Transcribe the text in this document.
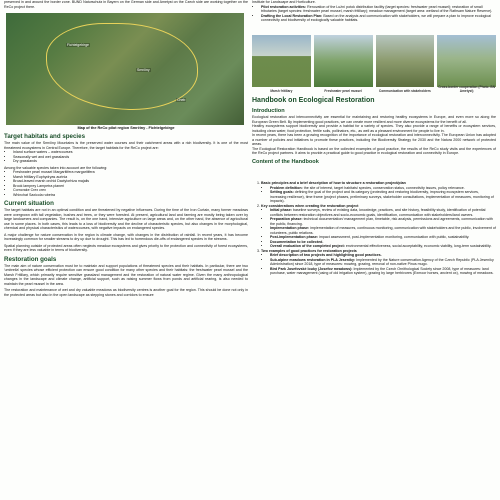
preserved in and around the border zone. BUND Naturschutz in Bayern on the German side and Ametyst on the Czech side are working together on the ReCo project there.

Fichtelgebirge
Smrčiny
Cheb

Map of the ReCo pilot region Smrčiny - Fichtelgebirge

Target habitats and species

The main value of the Smrčiny Mountains is the preserved water courses and their catchment areas with a rich biodiversity. It is one of the most threatened ecosystems in Central Europe. Therefore, the target habitats for the ReCo project are:

• Inland surface waters – watercourses
• Seasonally wet and wet grasslands
• Dry grasslands

Among the valuable species taken into account are the following:

• Freshwater pearl mussel Margaritifera margaritifera
• Marsh fritillary Euphydryas aurinia
• Broad-leaved marsh orchid Dactylorhiza majalis
• Brook lamprey Lampetra planeri
• Corncrake Crex crex
• Whinchat Saxicola rubetra
Current situation

The target habitats are not in an optimal condition and are threatened by negative influences. During the time of the Iron Curtain, many former meadows were overgrown with tall vegetation, bushes and trees, or they were forested. At present, agricultural land and farming are mostly being taken over by large landowners and companies. The result is, on the one hand, intensive agriculture on large areas and, on the other hand, the absence of agricultural use in some places. In both cases, this leads to a loss of biodiversity and the decline of characteristic species, but also changes in the morphological, chemical and physical characteristics of watercourses, with negative impacts on endangered species.

A major challenge for nature conservation in the region is climate change, with changes in the distribution of rainfall. In recent years, it has become increasingly common for smaller streams to dry up due to drought. This has led to horrendous die-offs of endangered species in the streams.

Spatial planning outside of protected areas often neglects meadow ecosystems and gives priority to the protection and connectivity of forest ecosystems, even if they are less valuable in terms of biodiversity.

Restoration goals

The main aim of nature conservation must be to maintain and support populations of threatened species and their habitats. In particular, there are two 'umbrella' species whose efficient protection can ensure good condition for many other species and their habitats: the freshwater pearl mussel and the Marsh Fritillary, which primarily require sensitive grassland management and the restoration of natural water regime. Given the many anthropological changes in the landscape and climate change, artificial support, such as raising summer flows from ponds and artificial rearing, is also needed to maintain the pearl mussel in the area.

The restoration and maintenance of wet and dry valuable meadows as biodiversity centres is another goal for the region. This should be done not only in the protected areas but also in the open landscape as stepping stones and corridors to ensure

Institute for Landscape and Horticulture.
• Pilot restoration activities: Renovation of the Lužní potok distribution facility (target species: freshwater pearl mussel); restoration of small tributaries (target species: freshwater pearl mussel, marsh fritillary); meadow management (target area: wetland of the Rathsam Nature Reserve).
• Drafting the Local Restoration Plan: Based on the analysis and communication with stakeholders, we will prepare a plan to improve ecological connectivity and biodiversity of ecologically valuable habitats.
Marsh fritillary	Freshwater pearl mussel	Communication with stakeholders
Cross-border cooperation (Photo: BN Ametyst)

Handbook on Ecological Restoration

Introduction

Ecological restoration and interconnectivity are essential for maintaining and restoring healthy ecosystems in Europe, and even more so along the European Green Belt. By implementing good practices, we can create more resilient and more diverse ecosystems for the benefit of all.

Healthy ecosystems support biodiversity and provide a habitat for a variety of species. They also provide a range of benefits or ecosystem services, including clean water, food protection, fertile soils, pollinators, etc., as well as a pleasant environment for people to live in.

In recent years, there has been a growing recognition of the importance of ecological restoration and interconnectivity. The European Union has adopted a number of policies and initiatives to promote these practices, including the Biodiversity Strategy for 2030 and the Natura 2000 network of protected areas.

The Ecological Restoration Handbook is based on the collected examples of good practice, the results of the ReCo study visits and the experiences of the ReCo project partners. It aims to provide a practical guide to good practice in ecological restoration and connectivity in Europe.

Content of the Handbook
1. Basic principles and a brief description of how to structure a restoration project/plan
• Problem definition: the site of interest, target habitats/ species, conservation status, connectivity issues, policy relevance.
• Setting goals: defining the goal of the project and its category (protecting and restoring biodiversity, improving ecosystem services, increasing resilience), time frame (project phases, preliminary surveys, stakeholder consultations, implementation of measures, monitoring of impacts).
2. Key considerations when creating the restoration project
• Initial phase: baseline surveys, review of existing data, knowledge, practices, and site history, feasibility study, identification of potential conflicts between restoration objectives and socio-economic goals, identification, communication with stakeholders/land owners.
• Preparation phase: technical documentation/ management plan, timetable, risk analysis, permissions and agreements, communication with the public, financing.
• Implementation phase: implementation of measures, continuous monitoring, communication with stakeholders and the public, involvement of volunteers, public relations.
• Post-implementation phase: impact assessment, post-implementation monitoring, communication with public, sustainability.
• Documentation to be collected.
• Overall evaluation of the completed project: environmental effectiveness, social acceptability, economic viability, long-term sustainability.
3. Two examples of good practices for restoration projects
• Brief description of two projects and highlighting good practices.
• Sub-alpine meadows restoration in PLA Jeseníky: Implemented by the Nature conservation Agency of the Czech Republic (PLA Jeseníky Administration) since 2018, type of measures: mowing, grazing, removal of non-native Pinus mugo.
• Bird Park Josefovské louky (Josefov meadows): Implemented by the Czech Ornithological Society since 2008, type of measures: land purchase, water management (using of old irrigation system), grazing by large herbivores (Exmoor horses, ancient ox), mowing of meadows.
